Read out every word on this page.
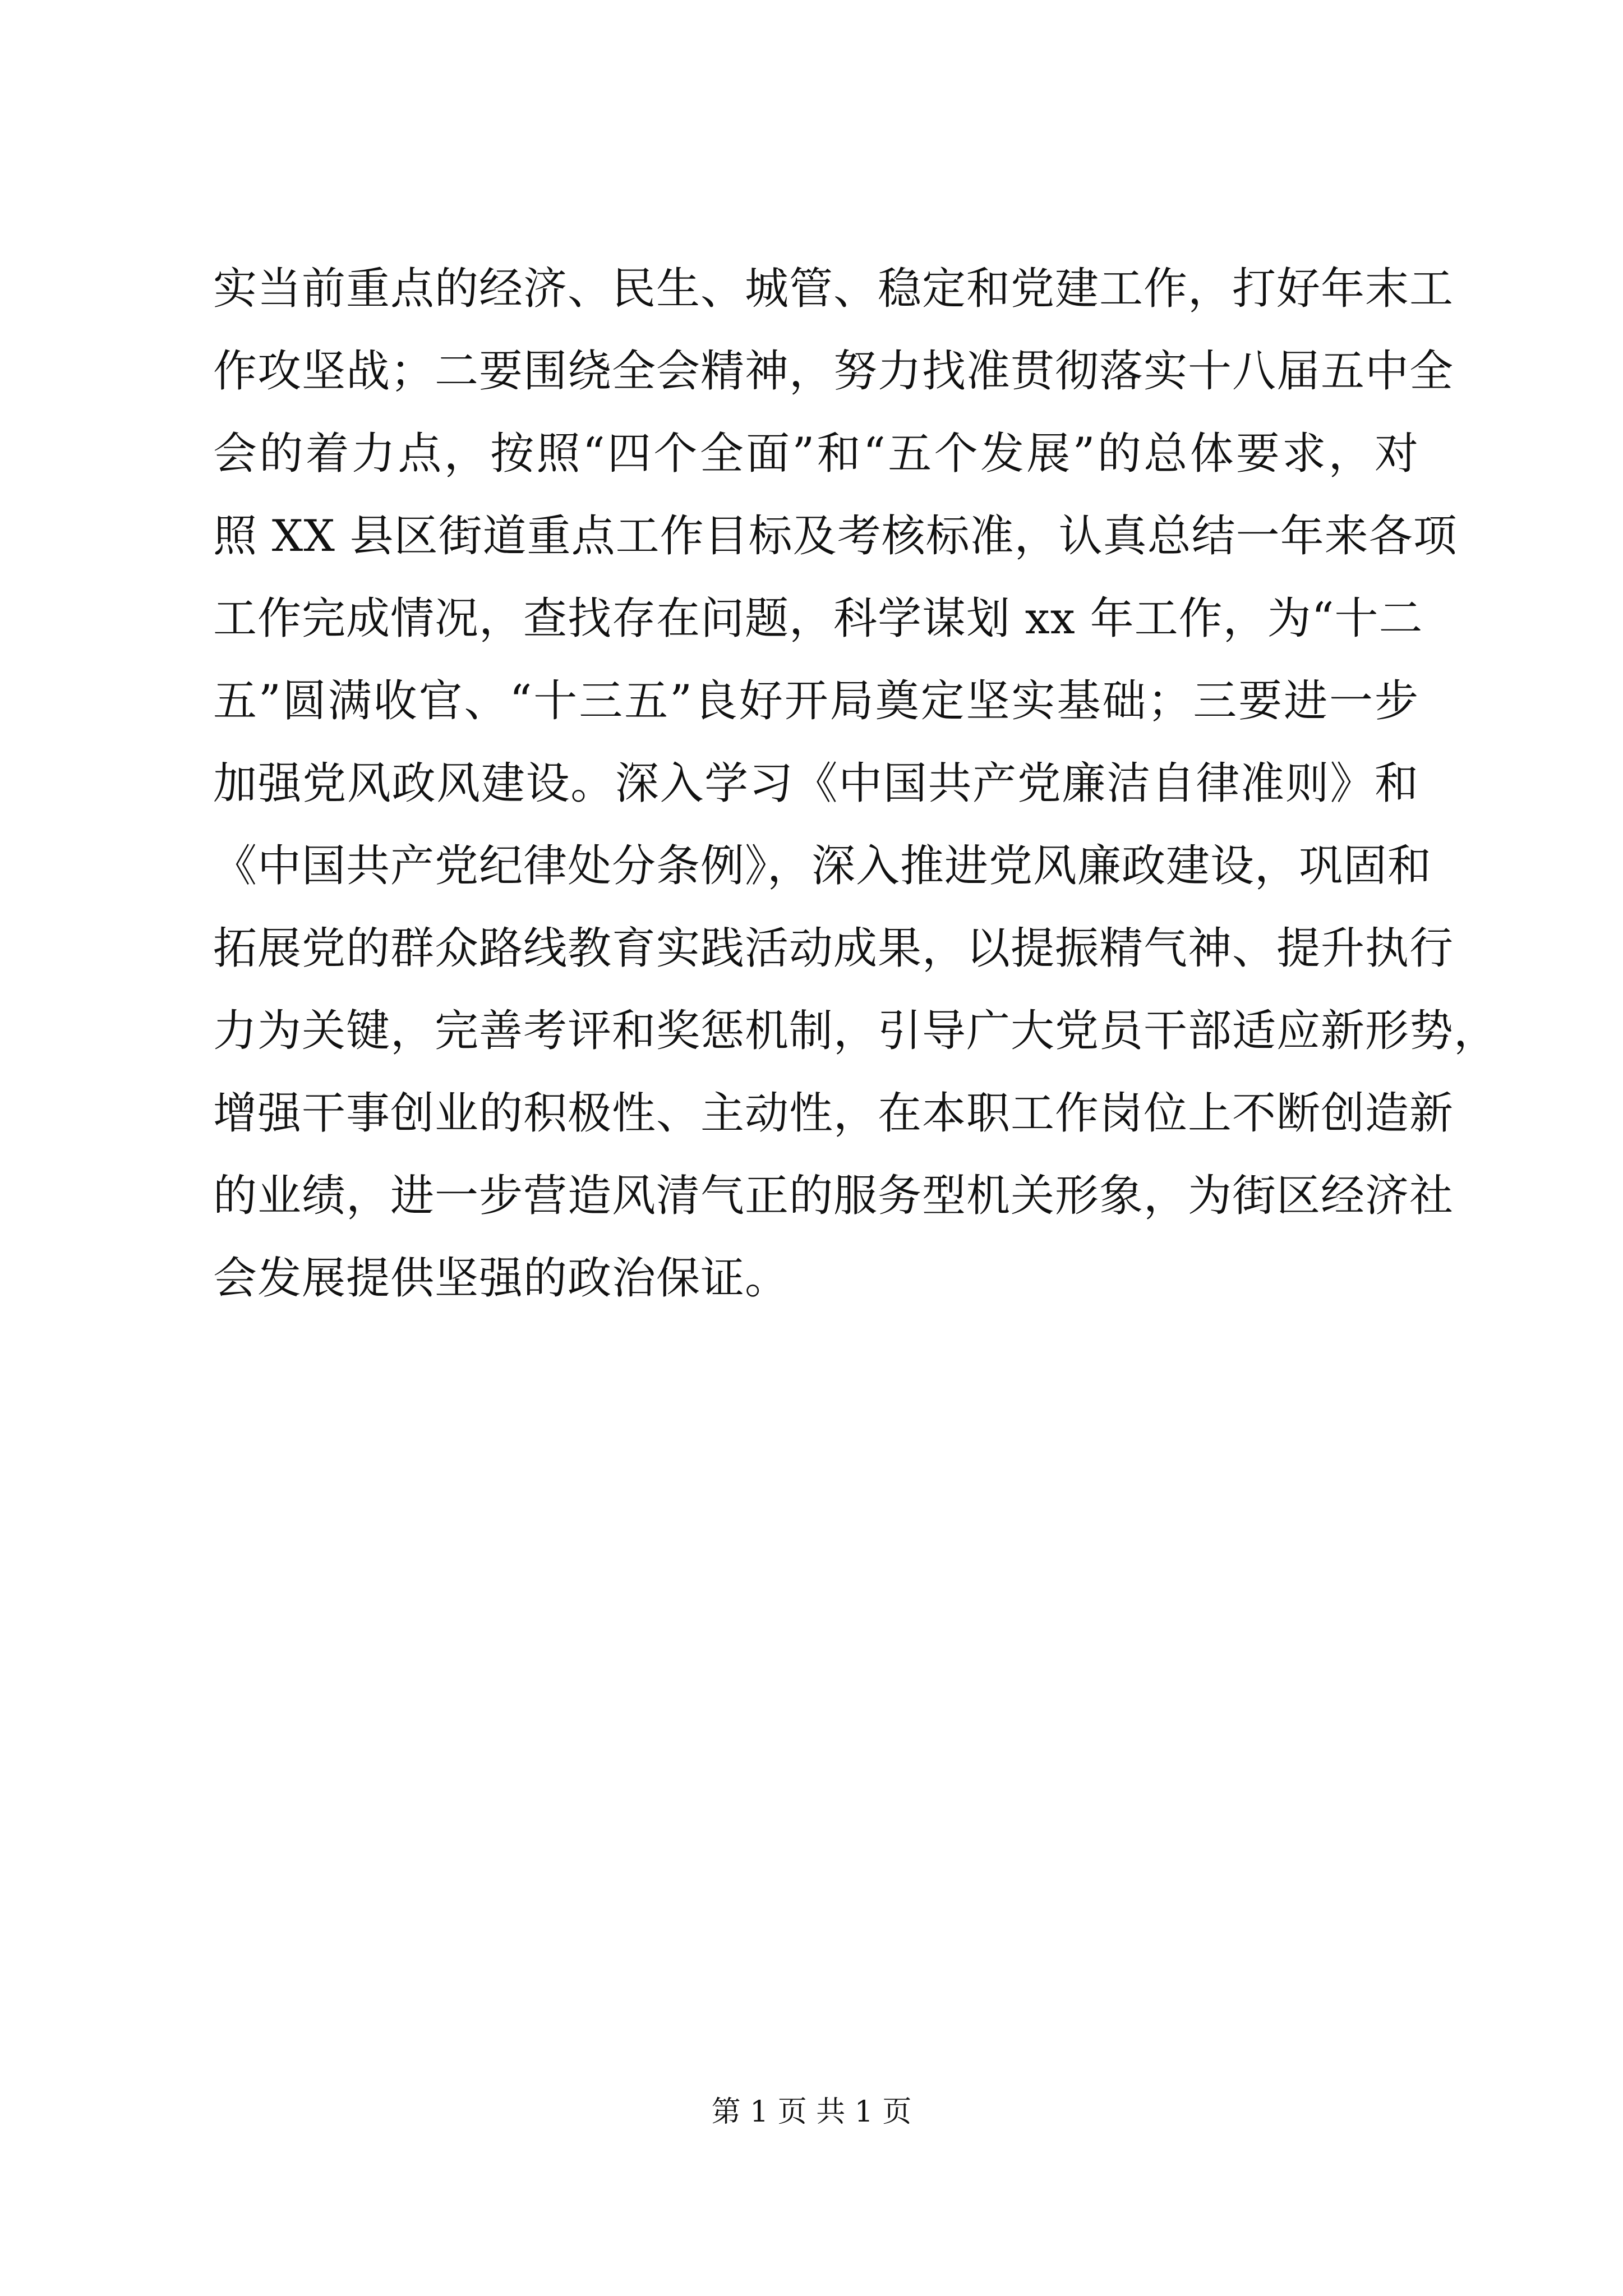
实当前重点的经济、民生、城管、稳定和党建工作，打好年末工
作攻坚战；二要围绕全会精神，努力找准贯彻落实十八届五中全
会的着力点，按照“四个全面”和“五个发展”的总体要求，对
照 XX 县区街道重点工作目标及考核标准，认真总结一年来各项
工作完成情况，查找存在问题，科学谋划 xx 年工作，为“十二
五”圆满收官、“十三五”良好开局奠定坚实基础；三要进一步
加强党风政风建设。深入学习《中国共产党廉洁自律准则》和
《中国共产党纪律处分条例》，深入推进党风廉政建设，巩固和
拓展党的群众路线教育实践活动成果，以提振精气神、提升执行
力为关键，完善考评和奖惩机制，引导广大党员干部适应新形势，
增强干事创业的积极性、主动性，在本职工作岗位上不断创造新
的业绩，进一步营造风清气正的服务型机关形象，为街区经济社
会发展提供坚强的政治保证。
第 1 页 共 1 页
